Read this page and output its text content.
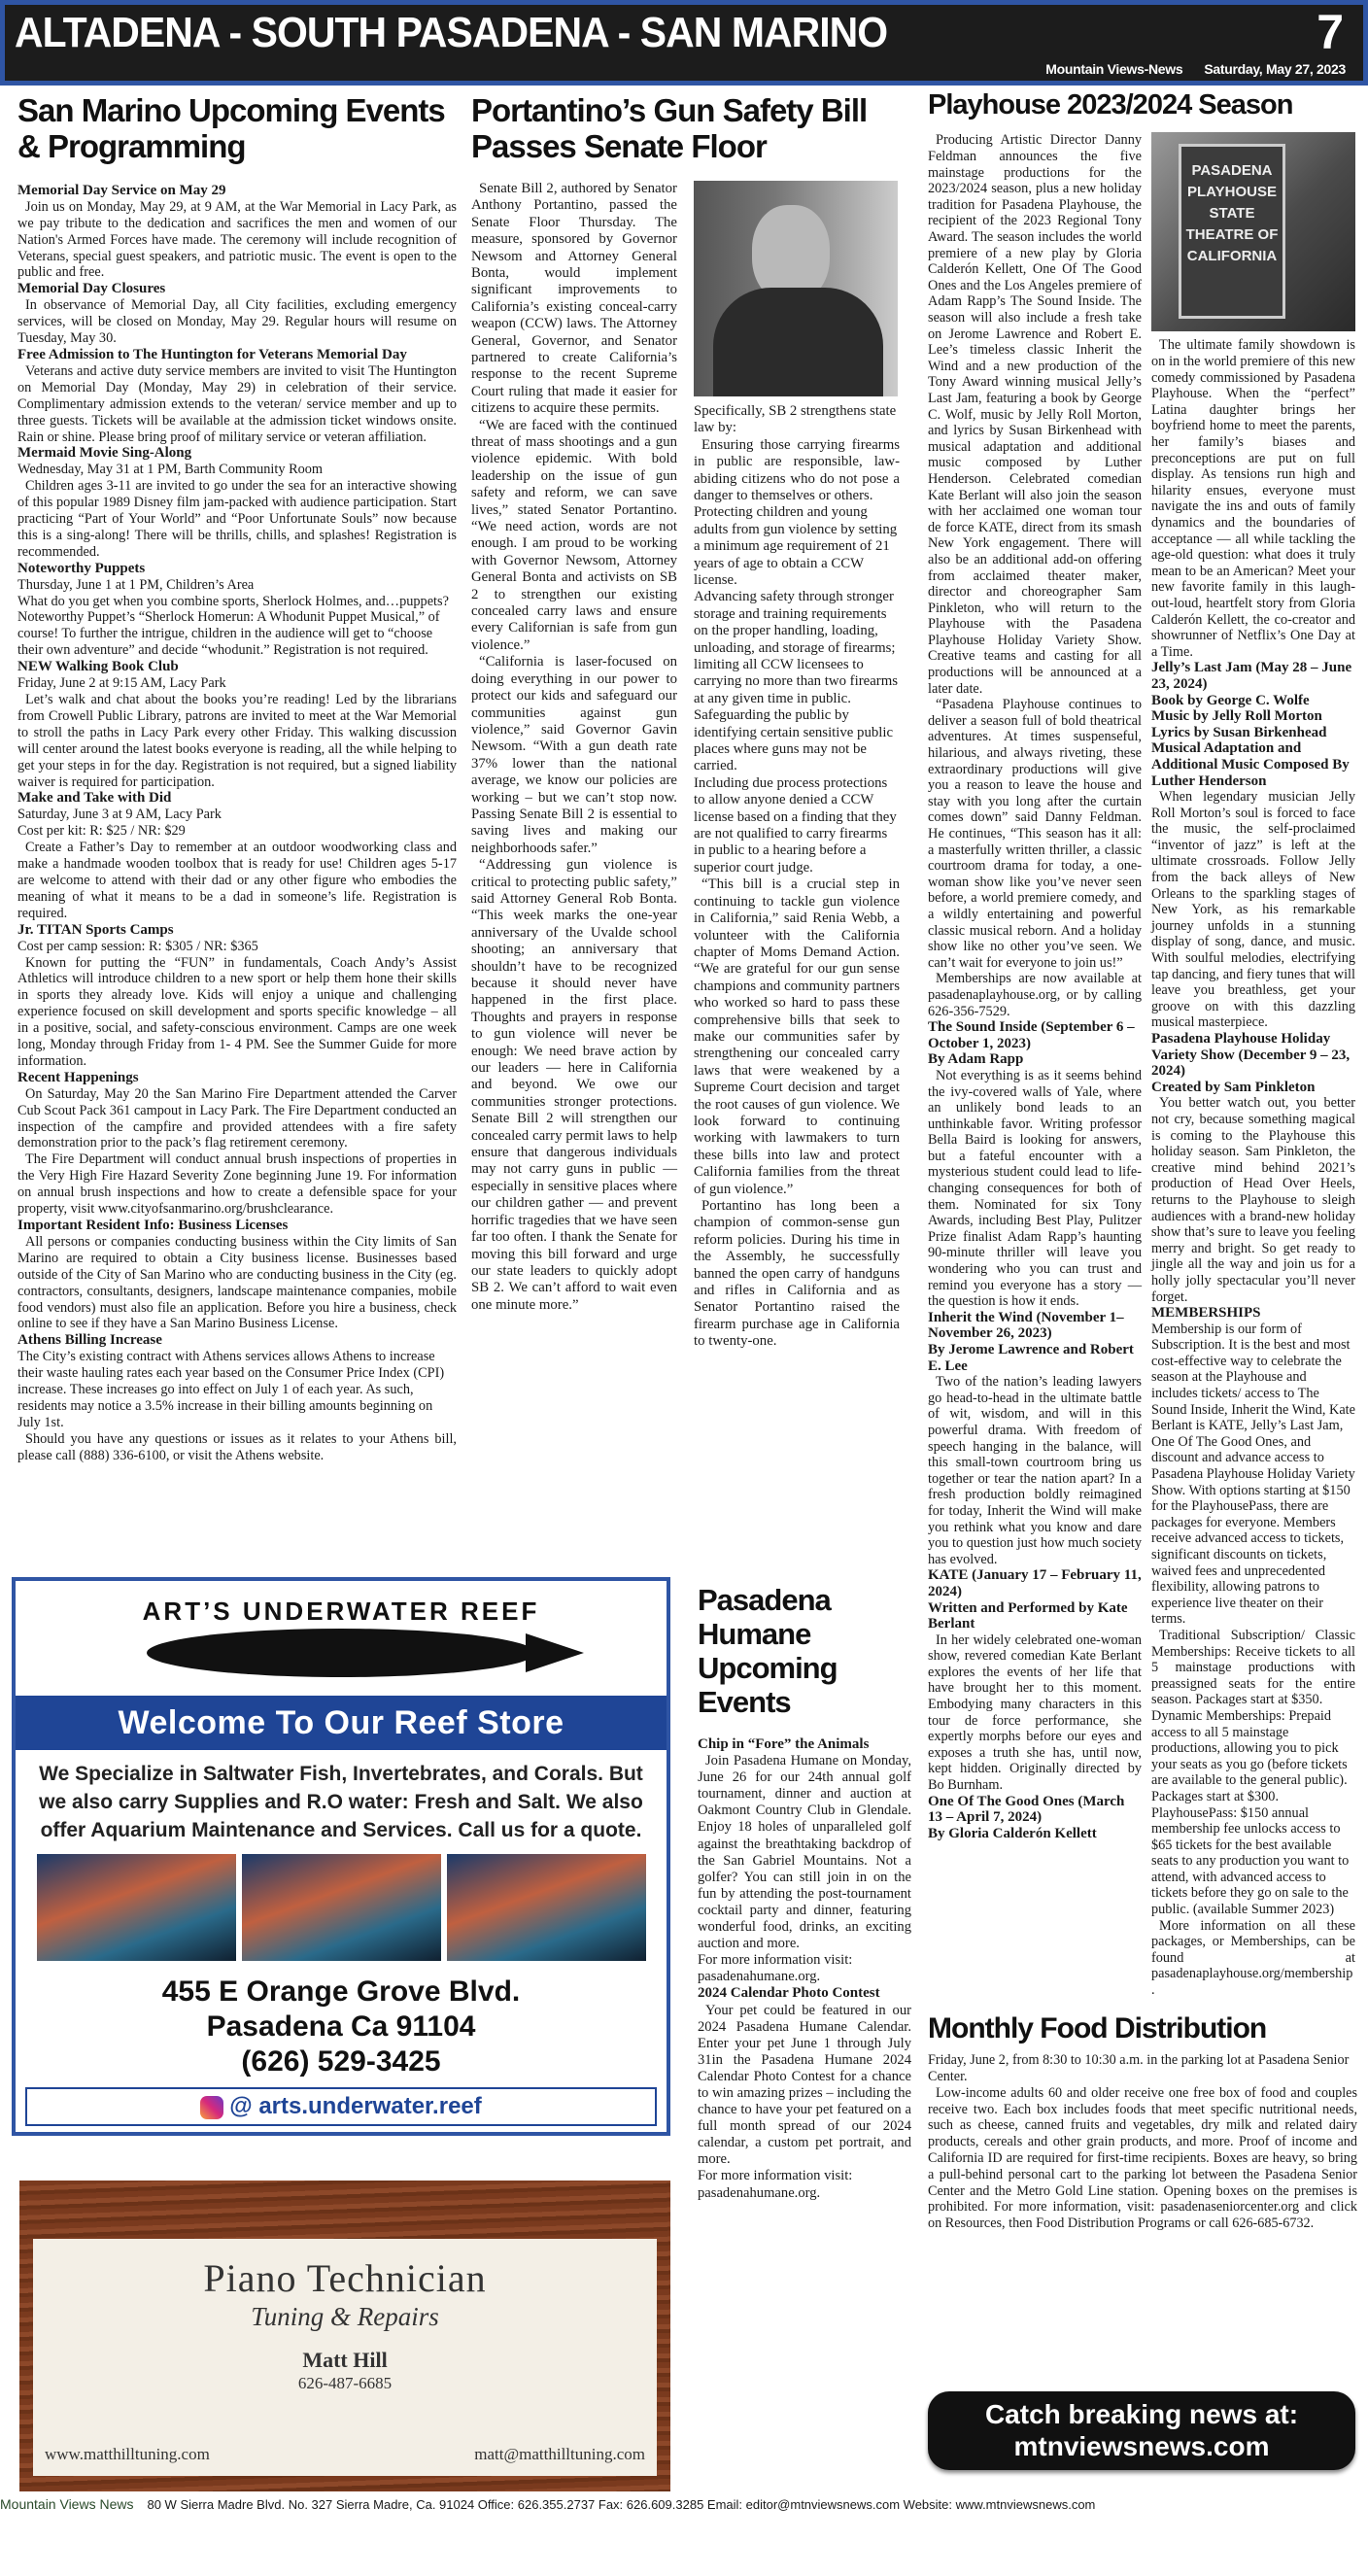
ALTADENA - SOUTH PASADENA - SAN MARINO	7
Mountain Views-News Saturday, May 27, 2023
San Marino Upcoming Events & Programming
Memorial Day Service on May 29
Join us on Monday, May 29, at 9 AM, at the War Memorial in Lacy Park, as we pay tribute to the dedication and sacrifices the men and women of our Nation's Armed Forces have made. The ceremony will include recognition of Veterans, special guest speakers, and patriotic music. The event is open to the public and free.
Memorial Day Closures
In observance of Memorial Day, all City facilities, excluding emergency services, will be closed on Monday, May 29. Regular hours will resume on Tuesday, May 30.
Free Admission to The Huntington for Veterans Memorial Day
Veterans and active duty service members are invited to visit The Huntington on Memorial Day (Monday, May 29) in celebration of their service. Complimentary admission extends to the veteran/ service member and up to three guests. Tickets will be available at the admission ticket windows onsite. Rain or shine. Please bring proof of military service or veteran affiliation.
Mermaid Movie Sing-Along
Wednesday, May 31 at 1 PM, Barth Community Room
Children ages 3-11 are invited to go under the sea for an interactive showing of this popular 1989 Disney film jam-packed with audience participation. Start practicing “Part of Your World” and “Poor Unfortunate Souls” now because this is a sing-along! There will be thrills, chills, and splashes! Registration is recommended.
Noteworthy Puppets
Thursday, June 1 at 1 PM, Children’s Area
What do you get when you combine sports, Sherlock Holmes, and…puppets? Noteworthy Puppet’s “Sherlock Homerun: A Whodunit Puppet Musical,” of course! To further the intrigue, children in the audience will get to “choose their own adventure” and decide “whodunit.” Registration is not required.
NEW Walking Book Club
Friday, June 2 at 9:15 AM, Lacy Park
Let’s walk and chat about the books you’re reading! Led by the librarians from Crowell Public Library, patrons are invited to meet at the War Memorial to stroll the paths in Lacy Park every other Friday. This walking discussion will center around the latest books everyone is reading, all the while helping to get your steps in for the day. Registration is not required, but a signed liability waiver is required for participation.
Make and Take with Did
Saturday, June 3 at 9 AM, Lacy Park
Cost per kit: R: $25 / NR: $29
Create a Father’s Day to remember at an outdoor woodworking class and make a handmade wooden toolbox that is ready for use! Children ages 5-17 are welcome to attend with their dad or any other figure who embodies the meaning of what it means to be a dad in someone’s life. Registration is required.
Jr. TITAN Sports Camps
Cost per camp session: R: $305 / NR: $365
Known for putting the “FUN” in fundamentals, Coach Andy’s Assist Athletics will introduce children to a new sport or help them hone their skills in sports they already love. Kids will enjoy a unique and challenging experience focused on skill development and sports specific knowledge – all in a positive, social, and safety-conscious environment. Camps are one week long, Monday through Friday from 1- 4 PM. See the Summer Guide for more information.
Recent Happenings
On Saturday, May 20 the San Marino Fire Department attended the Carver Cub Scout Pack 361 campout in Lacy Park. The Fire Department conducted an inspection of the campfire and provided attendees with a fire safety demonstration prior to the pack’s flag retirement ceremony.
The Fire Department will conduct annual brush inspections of properties in the Very High Fire Hazard Severity Zone beginning June 19. For information on annual brush inspections and how to create a defensible space for your property, visit www.cityofsanmarino.org/brushclearance.
Important Resident Info: Business Licenses
All persons or companies conducting business within the City limits of San Marino are required to obtain a City business license. Businesses based outside of the City of San Marino who are conducting business in the City (eg. contractors, consultants, designers, landscape maintenance companies, mobile food vendors) must also file an application. Before you hire a business, check online to see if they have a San Marino Business License.
Athens Billing Increase
The City’s existing contract with Athens services allows Athens to increase their waste hauling rates each year based on the Consumer Price Index (CPI) increase. These increases go into effect on July 1 of each year. As such, residents may notice a 3.5% increase in their billing amounts beginning on July 1st.
Should you have any questions or issues as it relates to your Athens bill, please call (888) 336-6100, or visit the Athens website.
Portantino’s Gun Safety Bill Passes Senate Floor
Senate Bill 2, authored by Senator Anthony Portantino, passed the Senate Floor Thursday. The measure, sponsored by Governor Newsom and Attorney General Bonta, would implement significant improvements to California’s existing conceal-carry weapon (CCW) laws. The Attorney General, Governor, and Senator partnered to create California’s response to the recent Supreme Court ruling that made it easier for citizens to acquire these permits.
“We are faced with the continued threat of mass shootings and a gun violence epidemic. With bold leadership on the issue of gun safety and reform, we can save lives,” stated Senator Portantino. “We need action, words are not enough. I am proud to be working with Governor Newsom, Attorney General Bonta and activists on SB 2 to strengthen our existing concealed carry laws and ensure every Californian is safe from gun violence.”
“California is laser-focused on doing everything in our power to protect our kids and safeguard our communities against gun violence,” said Governor Gavin Newsom. “With a gun death rate 37% lower than the national average, we know our policies are working – but we can’t stop now. Passing Senate Bill 2 is essential to saving lives and making our neighborhoods safer.”
“Addressing gun violence is critical to protecting public safety,” said Attorney General Rob Bonta. “This week marks the one-year anniversary of the Uvalde school shooting; an anniversary that shouldn’t have to be recognized because it should never have happened in the first place. Thoughts and prayers in response to gun violence will never be enough: We need brave action by our leaders — here in California and beyond. We owe our communities stronger protections. Senate Bill 2 will strengthen our concealed carry permit laws to help ensure that dangerous individuals may not carry guns in public — especially in sensitive places where our children gather — and prevent horrific tragedies that we have seen far too often. I thank the Senate for moving this bill forward and urge our state leaders to quickly adopt SB 2. We can’t afford to wait even one minute more.”
Specifically, SB 2 strengthens state law by:
Ensuring those carrying firearms in public are responsible, law-abiding citizens who do not pose a danger to themselves or others.
Protecting children and young adults from gun violence by setting a minimum age requirement of 21 years of age to obtain a CCW license.
Advancing safety through stronger storage and training requirements on the proper handling, loading, unloading, and storage of firearms; limiting all CCW licensees to carrying no more than two firearms at any given time in public.
Safeguarding the public by identifying certain sensitive public places where guns may not be carried.
Including due process protections to allow anyone denied a CCW license based on a finding that they are not qualified to carry firearms in public to a hearing before a superior court judge.
“This bill is a crucial step in continuing to tackle gun violence in California,” said Renia Webb, a volunteer with the California chapter of Moms Demand Action. “We are grateful for our gun sense champions and community partners who worked so hard to pass these comprehensive bills that seek to make our communities safer by strengthening our concealed carry laws that were weakened by a Supreme Court decision and target the root causes of gun violence. We look forward to continuing working with lawmakers to turn these bills into law and protect California families from the threat of gun violence.”
Portantino has long been a champion of common-sense gun reform policies. During his time in the Assembly, he successfully banned the open carry of handguns and rifles in California and as Senator Portantino raised the firearm purchase age in California to twenty-one.
ART’S UNDERWATER REEF
Welcome To Our Reef Store
We Specialize in Saltwater Fish, Invertebrates, and Corals. But we also carry Supplies and R.O water: Fresh and Salt. We also offer Aquarium Maintenance and Services. Call us for a quote.
455 E Orange Grove Blvd.
Pasadena Ca 91104
(626) 529-3425
@ arts.underwater.reef
Piano Technician
Tuning & Repairs
Matt Hill
626-487-6685
www.matthilltuning.com	matt@matthilltuning.com
Pasadena Humane Upcoming Events
Chip in “Fore” the Animals
Join Pasadena Humane on Monday, June 26 for our 24th annual golf tournament, dinner and auction at Oakmont Country Club in Glendale. Enjoy 18 holes of unparalleled golf against the breathtaking backdrop of the San Gabriel Mountains. Not a golfer? You can still join in on the fun by attending the post-tournament cocktail party and dinner, featuring wonderful food, drinks, an exciting auction and more.
For more information visit: pasadenahumane.org.
2024 Calendar Photo Contest
Your pet could be featured in our 2024 Pasadena Humane Calendar. Enter your pet June 1 through July 31in the Pasadena Humane 2024 Calendar Photo Contest for a chance to win amazing prizes – including the chance to have your pet featured on a full month spread of our 2024 calendar, a custom pet portrait, and more.
For more information visit: pasadenahumane.org.
Playhouse 2023/2024 Season
Producing Artistic Director Danny Feldman announces the five mainstage productions for the 2023/2024 season, plus a new holiday tradition for Pasadena Playhouse, the recipient of the 2023 Regional Tony Award. The season includes the world premiere of a new play by Gloria Calderón Kellett, One Of The Good Ones and the Los Angeles premiere of Adam Rapp’s The Sound Inside. The season will also include a fresh take on Jerome Lawrence and Robert E. Lee’s timeless classic Inherit the Wind and a new production of the Tony Award winning musical Jelly’s Last Jam, featuring a book by George C. Wolf, music by Jelly Roll Morton, and lyrics by Susan Birkenhead with musical adaptation and additional music composed by Luther Henderson. Celebrated comedian Kate Berlant will also join the season with her acclaimed one woman tour de force KATE, direct from its smash New York engagement. There will also be an additional add-on offering from acclaimed theater maker, director and choreographer Sam Pinkleton, who will return to the Playhouse with the Pasadena Playhouse Holiday Variety Show. Creative teams and casting for all productions will be announced at a later date.
“Pasadena Playhouse continues to deliver a season full of bold theatrical adventures. At times suspenseful, hilarious, and always riveting, these extraordinary productions will give you a reason to leave the house and stay with you long after the curtain comes down” said Danny Feldman. He continues, “This season has it all: a masterfully written thriller, a classic courtroom drama for today, a one-woman show like you’ve never seen before, a world premiere comedy, and a wildly entertaining and powerful classic musical reborn. And a holiday show like no other you’ve seen. We can’t wait for everyone to join us!”
Memberships are now available at pasadenaplayhouse.org, or by calling 626-356-7529.
The Sound Inside (September 6 – October 1, 2023)
By Adam Rapp
Not everything is as it seems behind the ivy-covered walls of Yale, where an unlikely bond leads to an unthinkable favor. Writing professor Bella Baird is looking for answers, but a fateful encounter with a mysterious student could lead to life-changing consequences for both of them. Nominated for six Tony Awards, including Best Play, Pulitzer Prize finalist Adam Rapp’s haunting 90-minute thriller will leave you wondering who you can trust and remind you everyone has a story — the question is how it ends.
Inherit the Wind (November 1– November 26, 2023)
By Jerome Lawrence and Robert E. Lee
Two of the nation’s leading lawyers go head-to-head in the ultimate battle of wit, wisdom, and will in this powerful drama. With freedom of speech hanging in the balance, will this small-town courtroom bring us together or tear the nation apart? In a fresh production boldly reimagined for today, Inherit the Wind will make you rethink what you know and dare you to question just how much society has evolved.
KATE (January 17 – February 11, 2024)
Written and Performed by Kate Berlant
In her widely celebrated one-woman show, revered comedian Kate Berlant explores the events of her life that have brought her to this moment. Embodying many characters in this tour de force performance, she expertly morphs before our eyes and exposes a truth she has, until now, kept hidden. Originally directed by Bo Burnham.
One Of The Good Ones (March 13 – April 7, 2024)
By Gloria Calderón Kellett
PASADENA PLAYHOUSE STATE THEATRE OF CALIFORNIA
The ultimate family showdown is on in the world premiere of this new comedy commissioned by Pasadena Playhouse. When the “perfect” Latina daughter brings her boyfriend home to meet the parents, her family’s biases and preconceptions are put on full display. As tensions run high and hilarity ensues, everyone must navigate the ins and outs of family dynamics and the boundaries of acceptance — all while tackling the age-old question: what does it truly mean to be an American? Meet your new favorite family in this laugh-out-loud, heartfelt story from Gloria Calderón Kellett, the co-creator and showrunner of Netflix’s One Day at a Time.
Jelly’s Last Jam (May 28 – June 23, 2024)
Book by George C. Wolfe
Music by Jelly Roll Morton
Lyrics by Susan Birkenhead
Musical Adaptation and Additional Music Composed By Luther Henderson
When legendary musician Jelly Roll Morton’s soul is forced to face the music, the self-proclaimed “inventor of jazz” is left at the ultimate crossroads. Follow Jelly from the back alleys of New Orleans to the sparkling stages of New York, as his remarkable journey unfolds in a stunning display of song, dance, and music. With soulful melodies, electrifying tap dancing, and fiery tunes that will leave you breathless, get your groove on with this dazzling musical masterpiece.
Pasadena Playhouse Holiday Variety Show (December 9 – 23, 2024)
Created by Sam Pinkleton
You better watch out, you better not cry, because something magical is coming to the Playhouse this holiday season. Sam Pinkleton, the creative mind behind 2021’s production of Head Over Heels, returns to the Playhouse to sleigh audiences with a brand-new holiday show that’s sure to leave you feeling merry and bright. So get ready to jingle all the way and join us for a holly jolly spectacular you’ll never forget.
MEMBERSHIPS
Membership is our form of Subscription. It is the best and most cost-effective way to celebrate the season at the Playhouse and includes tickets/ access to The Sound Inside, Inherit the Wind, Kate Berlant is KATE, Jelly’s Last Jam, One Of The Good Ones, and discount and advance access to Pasadena Playhouse Holiday Variety Show. With options starting at $150 for the PlayhousePass, there are packages for everyone. Members receive advanced access to tickets, significant discounts on tickets, waived fees and unprecedented flexibility, allowing patrons to experience live theater on their terms.
Traditional Subscription/ Classic Memberships: Receive tickets to all 5 mainstage productions with preassigned seats for the entire season. Packages start at $350.
Dynamic Memberships: Prepaid access to all 5 mainstage productions, allowing you to pick your seats as you go (before tickets are available to the general public). Packages start at $300.
PlayhousePass: $150 annual membership fee unlocks access to $65 tickets for the best available seats to any production you want to attend, with advanced access to tickets before they go on sale to the public. (available Summer 2023)
More information on all these packages, or Memberships, can be found at pasadenaplayhouse.org/membership.
Monthly Food Distribution
Friday, June 2, from 8:30 to 10:30 a.m. in the parking lot at Pasadena Senior Center.
Low-income adults 60 and older receive one free box of food and couples receive two. Each box includes foods that meet specific nutritional needs, such as cheese, canned fruits and vegetables, dry milk and related dairy products, cereals and other grain products, and more. Proof of income and California ID are required for first-time recipients. Boxes are heavy, so bring a pull-behind personal cart to the parking lot between the Pasadena Senior Center and the Metro Gold Line station. Opening boxes on the premises is prohibited. For more information, visit: pasadenaseniorcenter.org and click on Resources, then Food Distribution Programs or call 626-685-6732.
Catch breaking news at:
mtnviewsnews.com
Mountain Views News 80 W Sierra Madre Blvd. No. 327 Sierra Madre, Ca. 91024 Office: 626.355.2737 Fax: 626.609.3285 Email: editor@mtnviewsnews.com Website: www.mtnviewsnews.com
